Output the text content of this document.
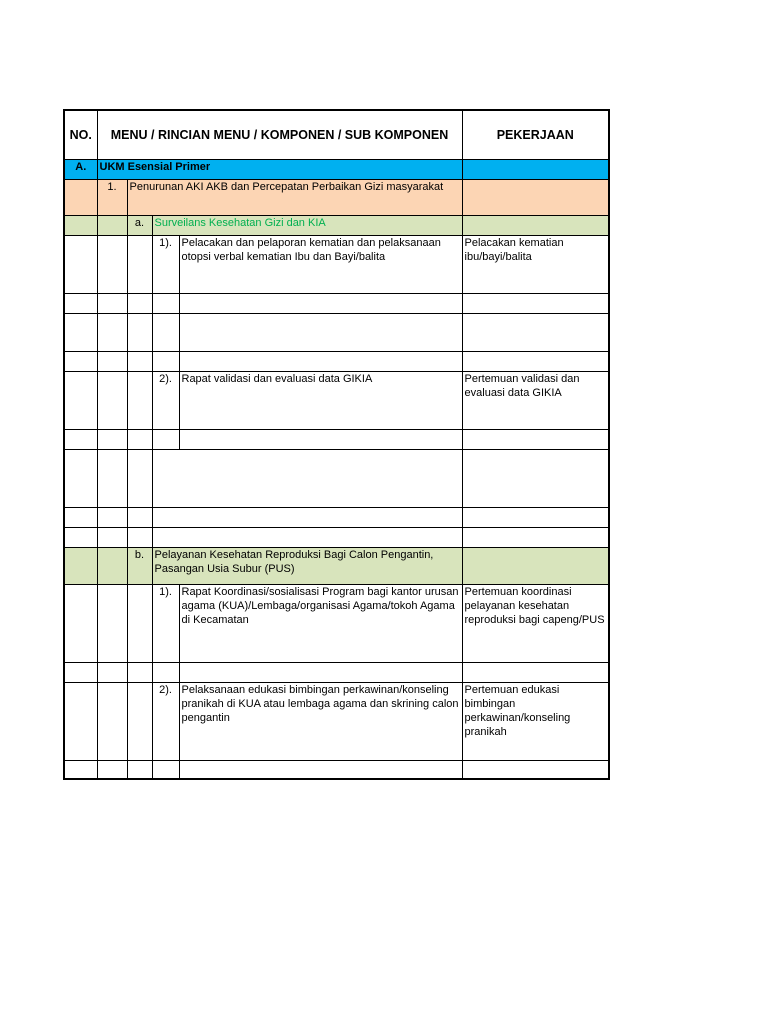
NO.	MENU / RINCIAN MENU / KOMPONEN / SUB KOMPONEN				PEKERJAAN
A.	UKM Esensial Primer				
	1.	Penurunan AKI AKB dan Percepatan Perbaikan Gizi masyarakat			
		a.	Surveilans Kesehatan Gizi dan KIA		
			1).	Pelacakan dan pelaporan kematian dan pelaksanaan otopsi verbal kematian Ibu dan Bayi/balita	Pelacakan kematian ibu/bayi/balita

			2).	Rapat validasi dan evaluasi data GIKIA	Pertemuan validasi dan evaluasi data GIKIA

		b.	Pelayanan Kesehatan Reproduksi Bagi Calon Pengantin, Pasangan Usia Subur (PUS)		
			1).	Rapat Koordinasi/sosialisasi Program bagi kantor urusan agama (KUA)/Lembaga/organisasi Agama/tokoh Agama di Kecamatan	Pertemuan koordinasi pelayanan kesehatan reproduksi bagi capeng/PUS

			2).	Pelaksanaan edukasi bimbingan perkawinan/konseling pranikah di KUA atau lembaga agama dan skrining calon pengantin	Pertemuan edukasi bimbingan perkawinan/konseling pranikah
